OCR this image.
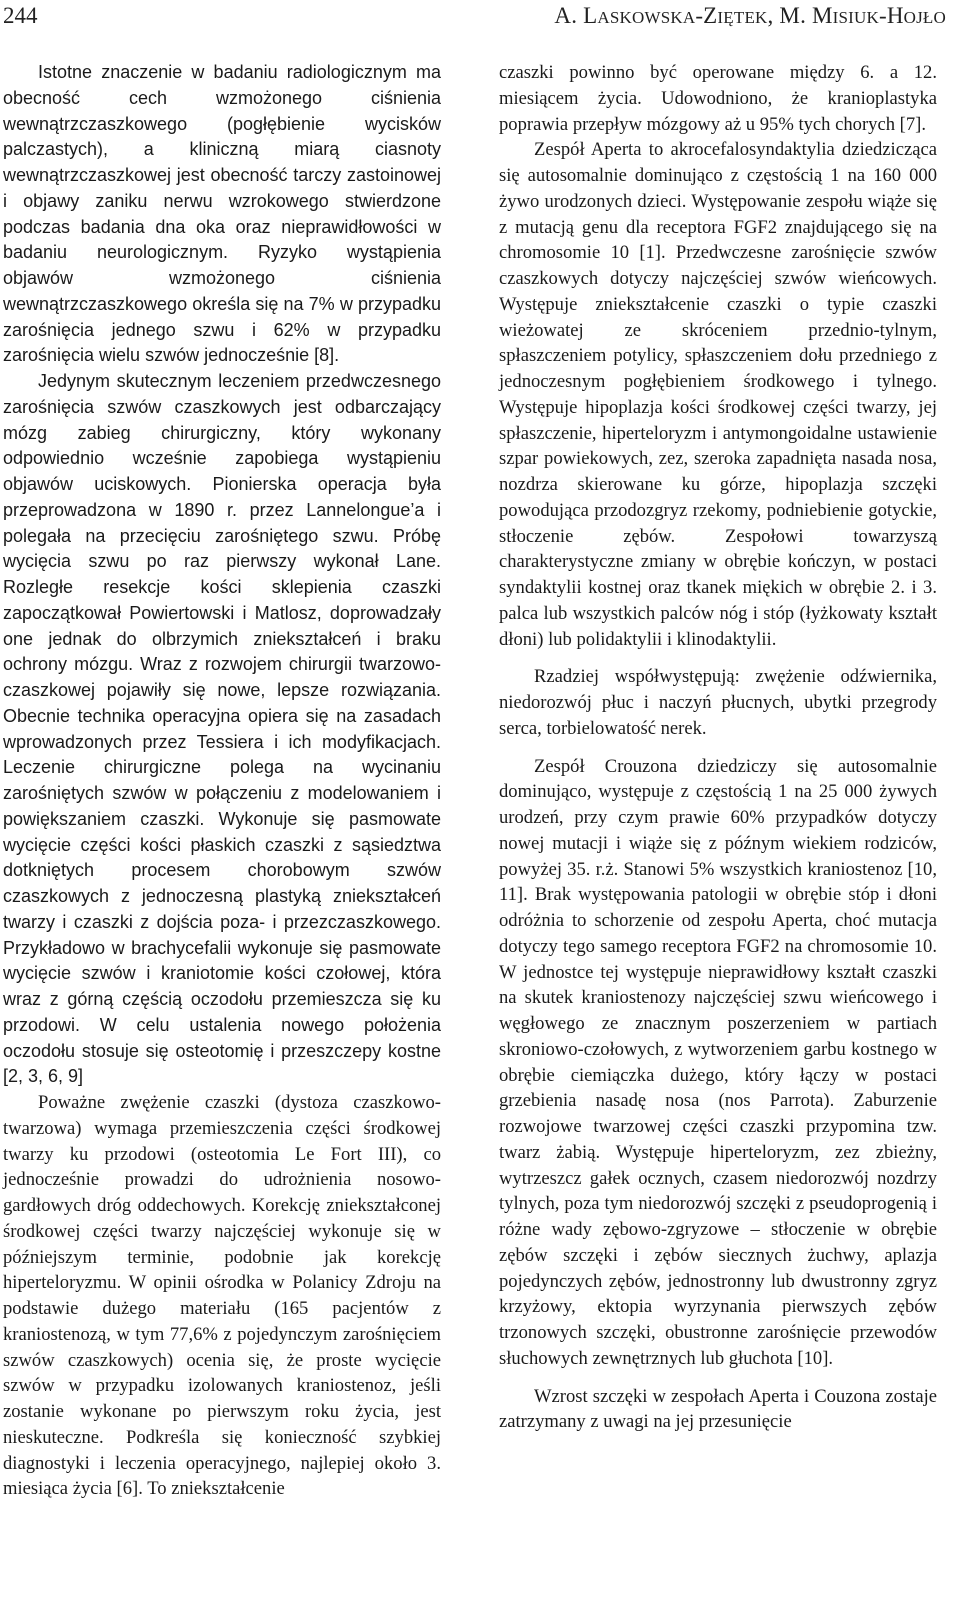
244	A. LASKOWSKA-ZIĘTEK, M. MISIUK-HOJŁO

Istotne znaczenie w badaniu radiologicznym ma obecność cech wzmożonego ciśnienia wewnątrzczaszkowego (pogłębienie wycisków palczastych), a kliniczną miarą ciasnoty wewnątrzczaszkowej jest obecność tarczy zastoinowej i objawy zaniku nerwu wzrokowego stwierdzone podczas badania dna oka oraz nieprawidłowości w badaniu neurologicznym. Ryzyko wystąpienia objawów wzmożonego ciśnienia wewnątrzczaszkowego określa się na 7% w przypadku zarośnięcia jednego szwu i 62% w przypadku zarośnięcia wielu szwów jednocześnie [8].

Jedynym skutecznym leczeniem przedwczesnego zarośnięcia szwów czaszkowych jest odbarczający mózg zabieg chirurgiczny, który wykonany odpowiednio wcześnie zapobiega wystąpieniu objawów uciskowych. Pionierska operacja była przeprowadzona w 1890 r. przez Lannelongue’a i polegała na przecięciu zarośniętego szwu. Próbę wycięcia szwu po raz pierwszy wykonał Lane. Rozległe resekcje kości sklepienia czaszki zapoczątkował Powiertowski i Matlosz, doprowadzały one jednak do olbrzymich zniekształceń i braku ochrony mózgu. Wraz z rozwojem chirurgii twarzowo-czaszkowej pojawiły się nowe, lepsze rozwiązania. Obecnie technika operacyjna opiera się na zasadach wprowadzonych przez Tessiera i ich modyfikacjach. Leczenie chirurgiczne polega na wycinaniu zarośniętych szwów w połączeniu z modelowaniem i powiększaniem czaszki. Wykonuje się pasmowate wycięcie części kości płaskich czaszki z sąsiedztwa dotkniętych procesem chorobowym szwów czaszkowych z jednoczesną plastyką zniekształceń twarzy i czaszki z dojścia poza- i przezczaszkowego. Przykładowo w brachycefalii wykonuje się pasmowate wycięcie szwów i kraniotomie kości czołowej, która wraz z górną częścią oczodołu przemieszcza się ku przodowi. W celu ustalenia nowego położenia oczodołu stosuje się osteotomię i przeszczepy kostne [2, 3, 6, 9]

Poważne zwężenie czaszki (dystoza czaszkowo-twarzowa) wymaga przemieszczenia części środkowej twarzy ku przodowi (osteotomia Le Fort III), co jednocześnie prowadzi do udrożnienia nosowo-gardłowych dróg oddechowych. Korekcję zniekształconej środkowej części twarzy najczęściej wykonuje się w późniejszym terminie, podobnie jak korekcję hiperteloryzmu. W opinii ośrodka w Polanicy Zdroju na podstawie dużego materiału (165 pacjentów z kraniostenozą, w tym 77,6% z pojedynczym zarośnięciem szwów czaszkowych) ocenia się, że proste wycięcie szwów w przypadku izolowanych kraniostenoz, jeśli zostanie wykonane po pierwszym roku życia, jest nieskuteczne. Podkreśla się konieczność szybkiej diagnostyki i leczenia operacyjnego, najlepiej około 3. miesiąca życia [6]. To zniekształcenie

czaszki powinno być operowane między 6. a 12. miesiącem życia. Udowodniono, że kranioplastyka poprawia przepływ mózgowy aż u 95% tych chorych [7].

Zespół Aperta to akrocefalosyndaktylia dziedzicząca się autosomalnie dominująco z częstością 1 na 160 000 żywo urodzonych dzieci. Występowanie zespołu wiąże się z mutacją genu dla receptora FGF2 znajdującego się na chromosomie 10 [1]. Przedwczesne zarośnięcie szwów czaszkowych dotyczy najczęściej szwów wieńcowych. Występuje zniekształcenie czaszki o typie czaszki wieżowatej ze skróceniem przednio-tylnym, spłaszczeniem potylicy, spłaszczeniem dołu przedniego z jednoczesnym pogłębieniem środkowego i tylnego. Występuje hipoplazja kości środkowej części twarzy, jej spłaszczenie, hiperteloryzm i antymongoidalne ustawienie szpar powiekowych, zez, szeroka zapadnięta nasada nosa, nozdrza skierowane ku górze, hipoplazja szczęki powodująca przodozgryz rzekomy, podniebienie gotyckie, stłoczenie zębów. Zespołowi towarzyszą charakterystyczne zmiany w obrębie kończyn, w postaci syndaktylii kostnej oraz tkanek miękich w obrębie 2. i 3. palca lub wszystkich palców nóg i stóp (łyżkowaty kształt dłoni) lub polidaktylii i klinodaktylii.

Rzadziej współwystępują: zwężenie odźwiernika, niedorozwój płuc i naczyń płucnych, ubytki przegrody serca, torbielowatość nerek.

Zespół Crouzona dziedziczy się autosomalnie dominująco, występuje z częstością 1 na 25 000 żywych urodzeń, przy czym prawie 60% przypadków dotyczy nowej mutacji i wiąże się z późnym wiekiem rodziców, powyżej 35. r.ż. Stanowi 5% wszystkich kraniostenoz [10, 11]. Brak występowania patologii w obrębie stóp i dłoni odróżnia to schorzenie od zespołu Aperta, choć mutacja dotyczy tego samego receptora FGF2 na chromosomie 10. W jednostce tej występuje nieprawidłowy kształt czaszki na skutek kraniostenozy najczęściej szwu wieńcowego i węgłowego ze znacznym poszerzeniem w partiach skroniowo-czołowych, z wytworzeniem garbu kostnego w obrębie ciemiączka dużego, który łączy w postaci grzebienia nasadę nosa (nos Parrota). Zaburzenie rozwojowe twarzowej części czaszki przypomina tzw. twarz żabią. Występuje hiperteloryzm, zez zbieżny, wytrzeszcz gałek ocznych, czasem niedorozwój nozdrzy tylnych, poza tym niedorozwój szczęki z pseudoprogenią i różne wady zębowo-zgryzowe – stłoczenie w obrębie zębów szczęki i zębów siecznych żuchwy, aplazja pojedynczych zębów, jednostronny lub dwustronny zgryz krzyżowy, ektopia wyrzynania pierwszych zębów trzonowych szczęki, obustronne zarośnięcie przewodów słuchowych zewnętrznych lub głuchota [10].

Wzrost szczęki w zespołach Aperta i Couzona zostaje zatrzymany z uwagi na jej przesunięcie
